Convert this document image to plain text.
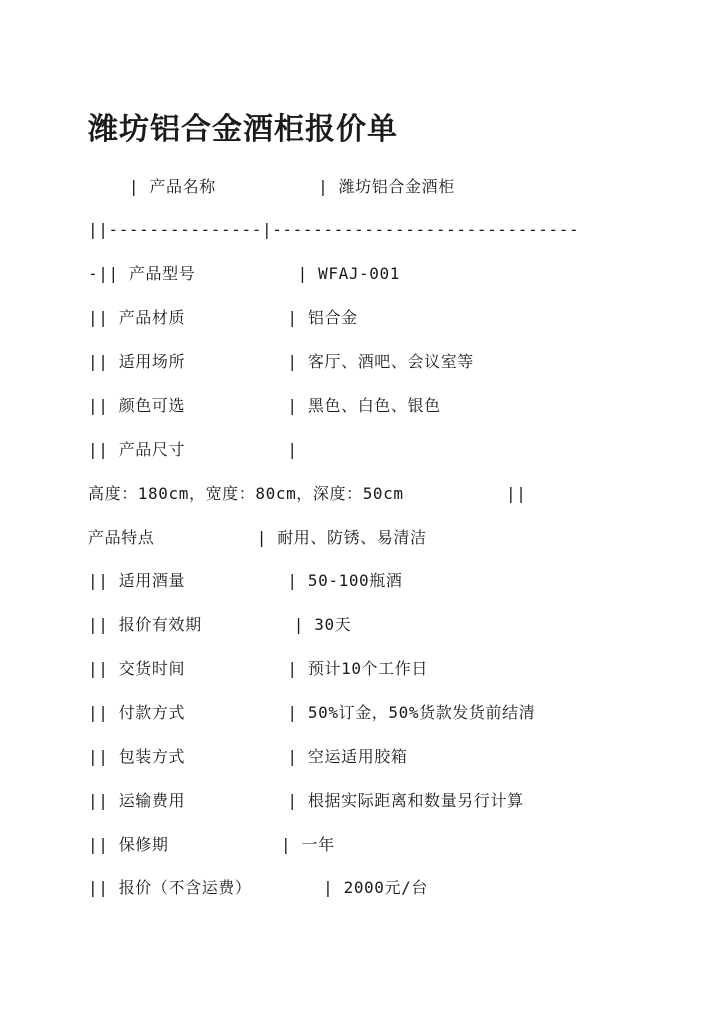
潍坊铝合金酒柜报价单
| 产品名称          | 潍坊铝合金酒柜
||---------------|------------------------------
-|| 产品型号          | WFAJ-001
|| 产品材质          | 铝合金
|| 适用场所          | 客厅、酒吧、会议室等
|| 颜色可选          | 黑色、白色、银色
|| 产品尺寸          |
高度：180cm，宽度：80cm，深度：50cm          ||
产品特点          | 耐用、防锈、易清洁
|| 适用酒量          | 50-100瓶酒
|| 报价有效期         | 30天
|| 交货时间          | 预计10个工作日
|| 付款方式          | 50%订金，50%货款发货前结清
|| 包装方式          | 空运适用胶箱
|| 运输费用          | 根据实际距离和数量另行计算
|| 保修期           | 一年
|| 报价（不含运费）       | 2000元/台
